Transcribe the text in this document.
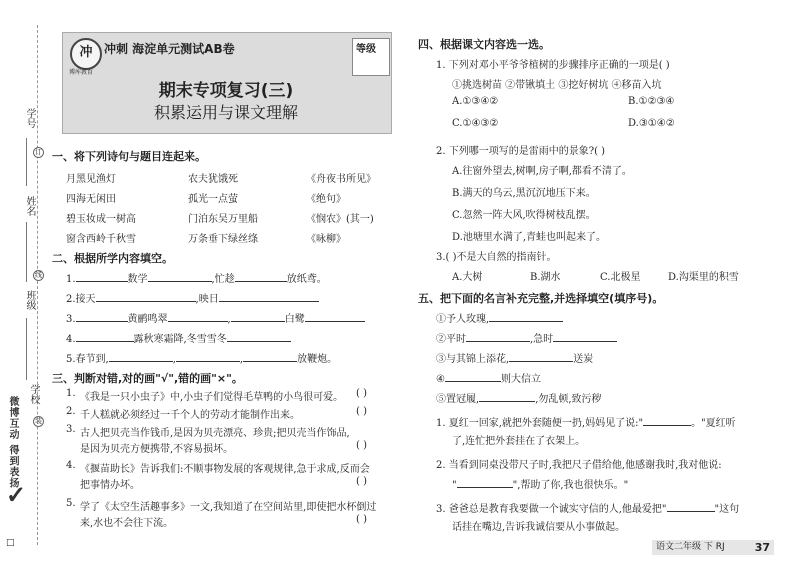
学号
姓名
班级
学校
订
线
装
微博互动 得到表扬
✓
□
冲
博库教育
冲刺 海淀单元测试AB卷	等级
期末专项复习(三)
积累运用与课文理解
一、将下列诗句与题目连起来。
月黑见渔灯	农夫犹饿死	《舟夜书所见》
四海无闲田	孤光一点萤	《绝句》
碧玉妆成一树高	门泊东吴万里船	《悯农》(其一)
窗含西岭千秋雪	万条垂下绿丝绦	《咏柳》
二、根据所学内容填空。
1.	数学	,忙趁	放纸鸢。
2.接天	,映日
3.	黄鹂鸣翠	,	白鹭
4.	露秋寒霜降,冬雪雪冬
5.春节到,	,	,	放鞭炮。
三、判断对错,对的画"√",错的画"×"。
1. 《我是一只小虫子》中,小虫子们觉得毛草鸭的小鸟很可爱。 ( )
2. 千人糕就必须经过一千个人的劳动才能制作出来。	( )
3. 古人把贝壳当作钱币,是因为贝壳漂亮、珍贵;把贝壳当作饰品,
是因为贝壳方便携带,不容易损坏。	( )
4. 《揠苗助长》告诉我们:不顺事物发展的客观规律,急于求成,反而会
把事情办坏。	( )
5. 学了《太空生活趣事多》一文,我知道了在空间站里,即使把水杯倒过
来,水也不会往下流。	( )
四、根据课文内容选一选。
1. 下列对邓小平爷爷植树的步骤排序正确的一项是( )
①挑选树苗 ②带锹填土 ③挖好树坑 ④移苗入坑
A.①③④②	B.①②③④
C.①④③②	D.③①④②
2. 下列哪一项写的是雷雨中的景象?( )
A.往窗外望去,树啊,房子啊,都看不清了。
B.满天的乌云,黑沉沉地压下来。
C.忽然一阵大风,吹得树枝乱摆。
D.池塘里水满了,青蛙也叫起来了。
3.( )不是大自然的指南针。
A.大树	B.湖水	C.北极星	D.沟渠里的积雪
五、把下面的名言补充完整,并选择填空(填序号)。
①予人玫瑰,
②平时	,急时
③与其锦上添花,	送炭
④	则大信立
⑤置冠履,	,勿乱顿,致污秽
1. 夏红一回家,就把外套随便一扔,妈妈见了说:"	。"夏红听
了,连忙把外套挂在了衣架上。
2. 当看到同桌没带尺子时,我把尺子借给他,他感谢我时,我对他说:
"	",帮助了你,我也很快乐。"
3. 爸爸总是教育我要做一个诚实守信的人,他最爱把"	"这句
话挂在嘴边,告诉我诚信要从小事做起。
语文二年级 下 RJ	37
